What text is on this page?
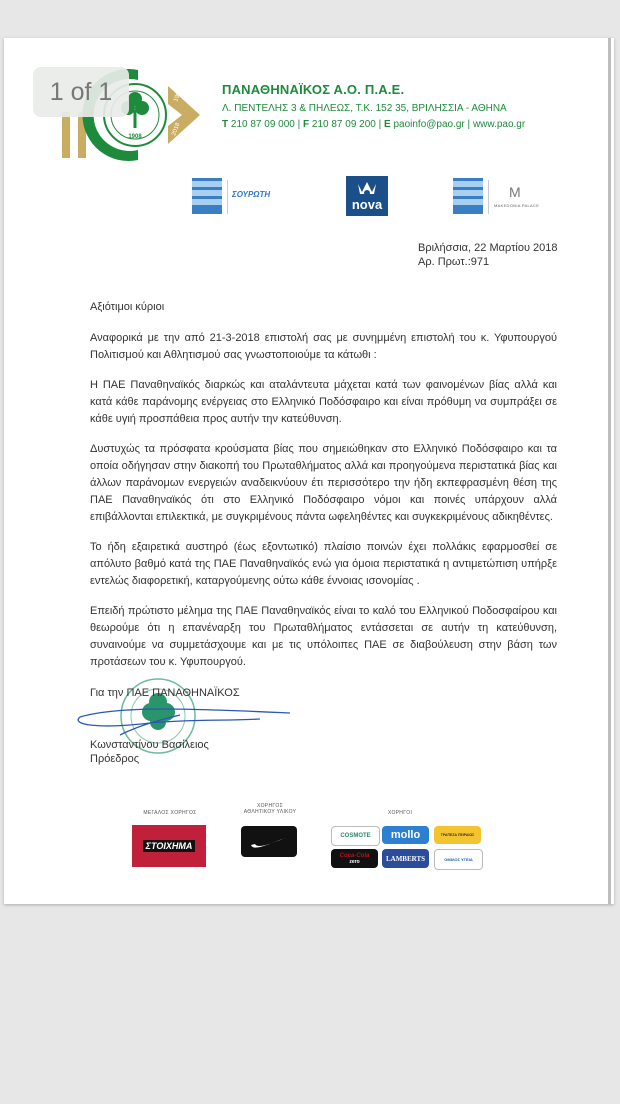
1 of 1
1908
1908
2018
ΠΑΝΑΘΗΝΑΪΚΟΣ Α.Ο. Π.Α.Ε.
Λ. ΠΕΝΤΕΛΗΣ 3 & ΠΗΛΕΩΣ, Τ.Κ. 152 35, ΒΡΙΛΗΣΣΙΑ - ΑΘΗΝΑ
T 210 87 09 000 | F 210 87 09 200 | E paoinfo@pao.gr | www.pao.gr
ΣΟΥΡΩΤΗ
nova
M
MAKEDONIA PALACE
Βριλήσσια, 22 Μαρτίου 2018
Αρ. Πρωτ.:971

Αξιότιμοι κύριοι

Αναφορικά με την από 21-3-2018 επιστολή σας με συνημμένη επιστολή του κ. Υφυπουργού Πολιτισμού και Αθλητισμού σας γνωστοποιούμε τα κάτωθι :

Η ΠΑΕ Παναθηναϊκός διαρκώς και αταλάντευτα μάχεται κατά των φαινομένων βίας αλλά και κατά κάθε παράνομης ενέργειας στο Ελληνικό Ποδόσφαιρο και είναι πρόθυμη να συμπράξει σε κάθε υγιή προσπάθεια προς αυτήν την κατεύθυνση.

Δυστυχώς τα πρόσφατα κρούσματα βίας που σημειώθηκαν στο Ελληνικό Ποδόσφαιρο και τα οποία οδήγησαν στην διακοπή του Πρωταθλήματος αλλά και προηγούμενα περιστατικά βίας και άλλων παράνομων ενεργειών αναδεικνύουν έτι περισσότερο την ήδη εκπεφρασμένη θέση της ΠΑΕ Παναθηναϊκός ότι στο Ελληνικό Ποδόσφαιρο νόμοι και ποινές υπάρχουν αλλά επιβάλλονται επιλεκτικά, με συγκριμένους πάντα ωφεληθέντες και συγκεκριμένους αδικηθέντες.

Το ήδη εξαιρετικά αυστηρό (έως εξοντωτικό) πλαίσιο ποινών έχει πολλάκις εφαρμοσθεί σε απόλυτο βαθμό κατά της ΠΑΕ Παναθηναϊκός ενώ για όμοια περιστατικά η αντιμετώπιση υπήρξε εντελώς διαφορετική, καταργούμενης ούτω κάθε έννοιας ισονομίας .

Επειδή πρώτιστο μέλημα της ΠΑΕ Παναθηναϊκός είναι το καλό του Ελληνικού Ποδοσφαίρου και θεωρούμε ότι η επανέναρξη του Πρωταθλήματος εντάσσεται σε αυτήν τη κατεύθυνση, συναινούμε να συμμετάσχουμε και με τις υπόλοιπες ΠΑΕ σε διαβούλευση στην βάση των προτάσεων του κ. Υφυπουργού.

Για την ΠΑΕ ΠΑΝΑΘΗΝΑΪΚΟΣ
Κωνσταντίνου Βασίλειος
Πρόεδρος
ΜΕΓΑΛΟΣ ΧΟΡΗΓΟΣ
ΣΤΟΙΧΗΜΑ
ΧΟΡΗΓΟΣ
ΑΘΛΗΤΙΚΟΥ ΥΛΙΚΟΥ	ΧΟΡΗΓΟΙ
COSMOTE mollo	ΤΡΑΠΕΖΑ ΠΕΙΡΑΙΩΣ
Coca-Cola
zero	LAMBERTS	ΟΜΙΛΟΣ ΥΓΕΙΑ
